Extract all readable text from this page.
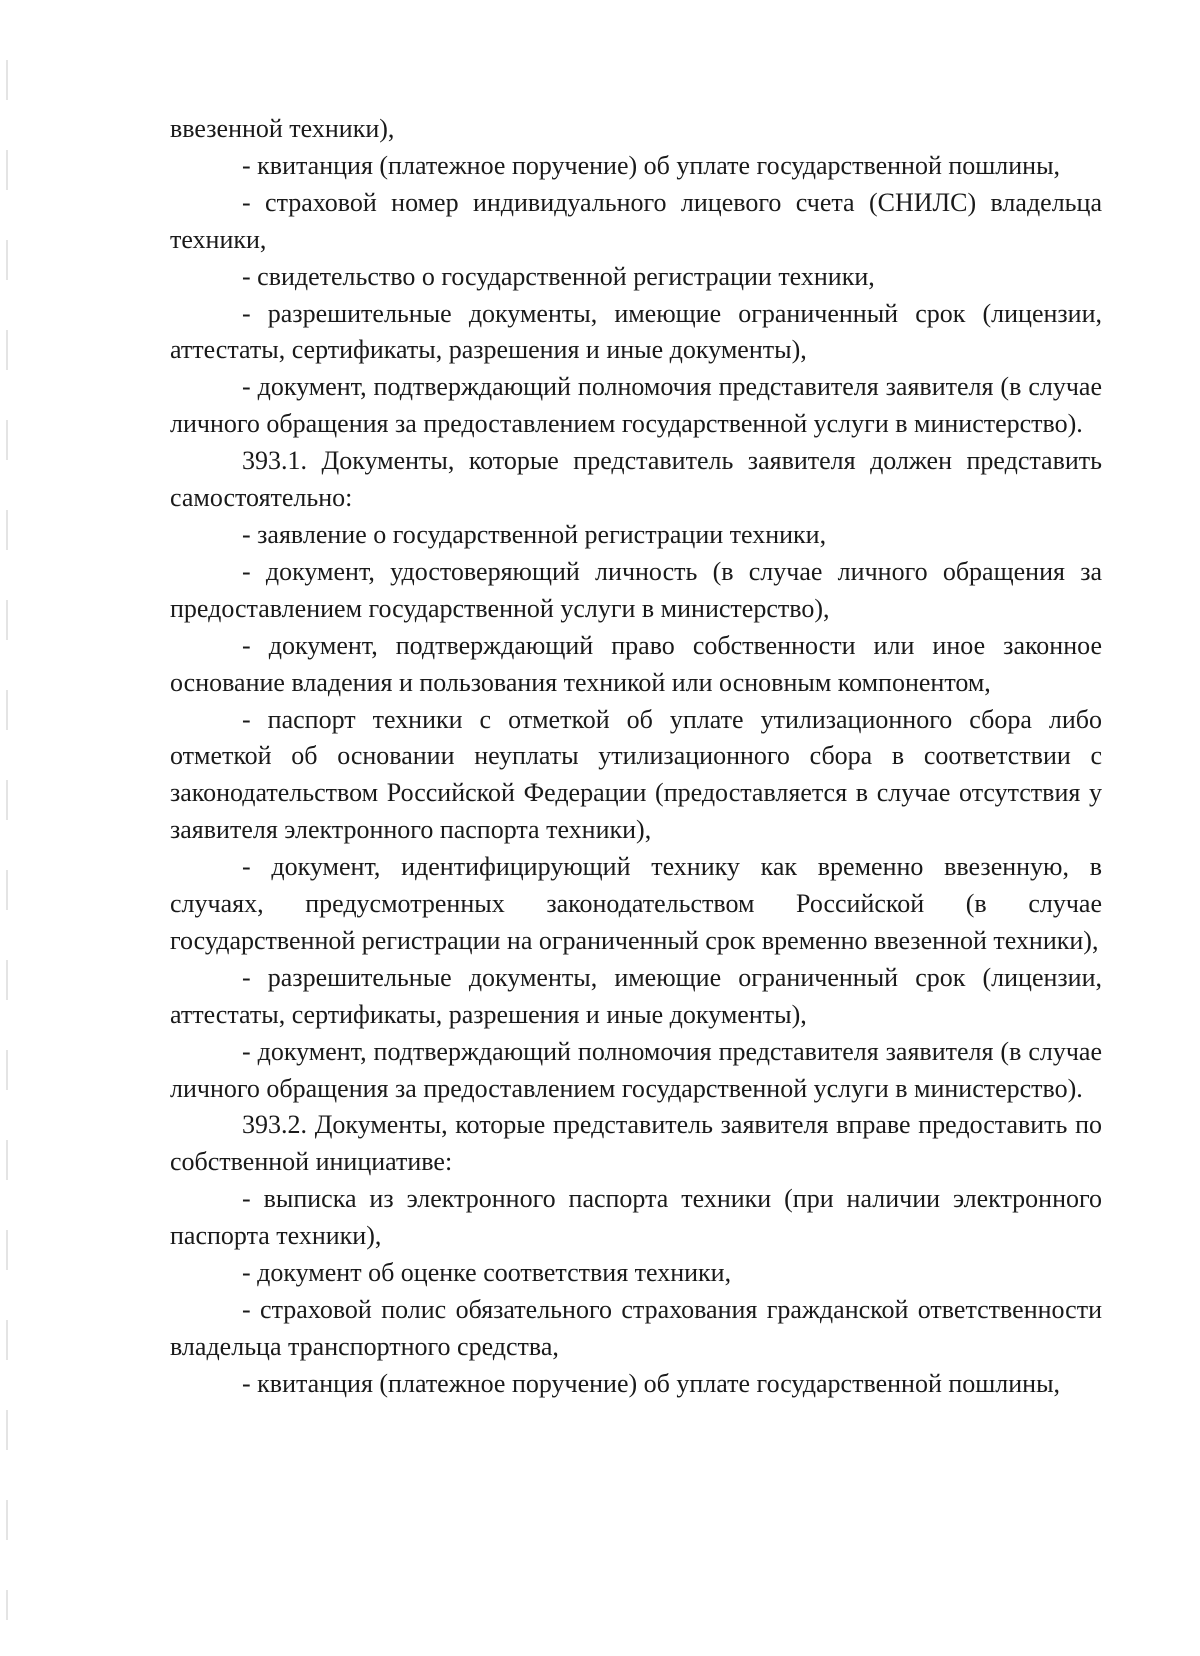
ввезенной техники),

- квитанция (платежное поручение) об уплате государственной пошлины,

- страховой номер индивидуального лицевого счета (СНИЛС) владельца техники,

- свидетельство о государственной регистрации техники,

- разрешительные документы, имеющие ограниченный срок (лицензии, аттестаты, сертификаты, разрешения и иные документы),

- документ, подтверждающий полномочия представителя заявителя (в случае личного обращения за предоставлением государственной услуги в министерство).

393.1. Документы, которые представитель заявителя должен представить самостоятельно:

- заявление о государственной регистрации техники,

- документ, удостоверяющий личность (в случае личного обращения за предоставлением государственной услуги в министерство),

- документ, подтверждающий право собственности или иное законное основание владения и пользования техникой или основным компонентом,

- паспорт техники с отметкой об уплате утилизационного сбора либо отметкой об основании неуплаты утилизационного сбора в соответствии с законодательством Российской Федерации (предоставляется в случае отсутствия у заявителя электронного паспорта техники),

- документ, идентифицирующий технику как временно ввезенную, в случаях, предусмотренных законодательством Российской (в случае государственной регистрации на ограниченный срок временно ввезенной техники),

- разрешительные документы, имеющие ограниченный срок (лицензии, аттестаты, сертификаты, разрешения и иные документы),

- документ, подтверждающий полномочия представителя заявителя (в случае личного обращения за предоставлением государственной услуги в министерство).

393.2. Документы, которые представитель заявителя вправе предоставить по собственной инициативе:

- выписка из электронного паспорта техники (при наличии электронного паспорта техники),

- документ об оценке соответствия техники,

- страховой полис обязательного страхования гражданской ответственности владельца транспортного средства,

- квитанция (платежное поручение) об уплате государственной пошлины,
